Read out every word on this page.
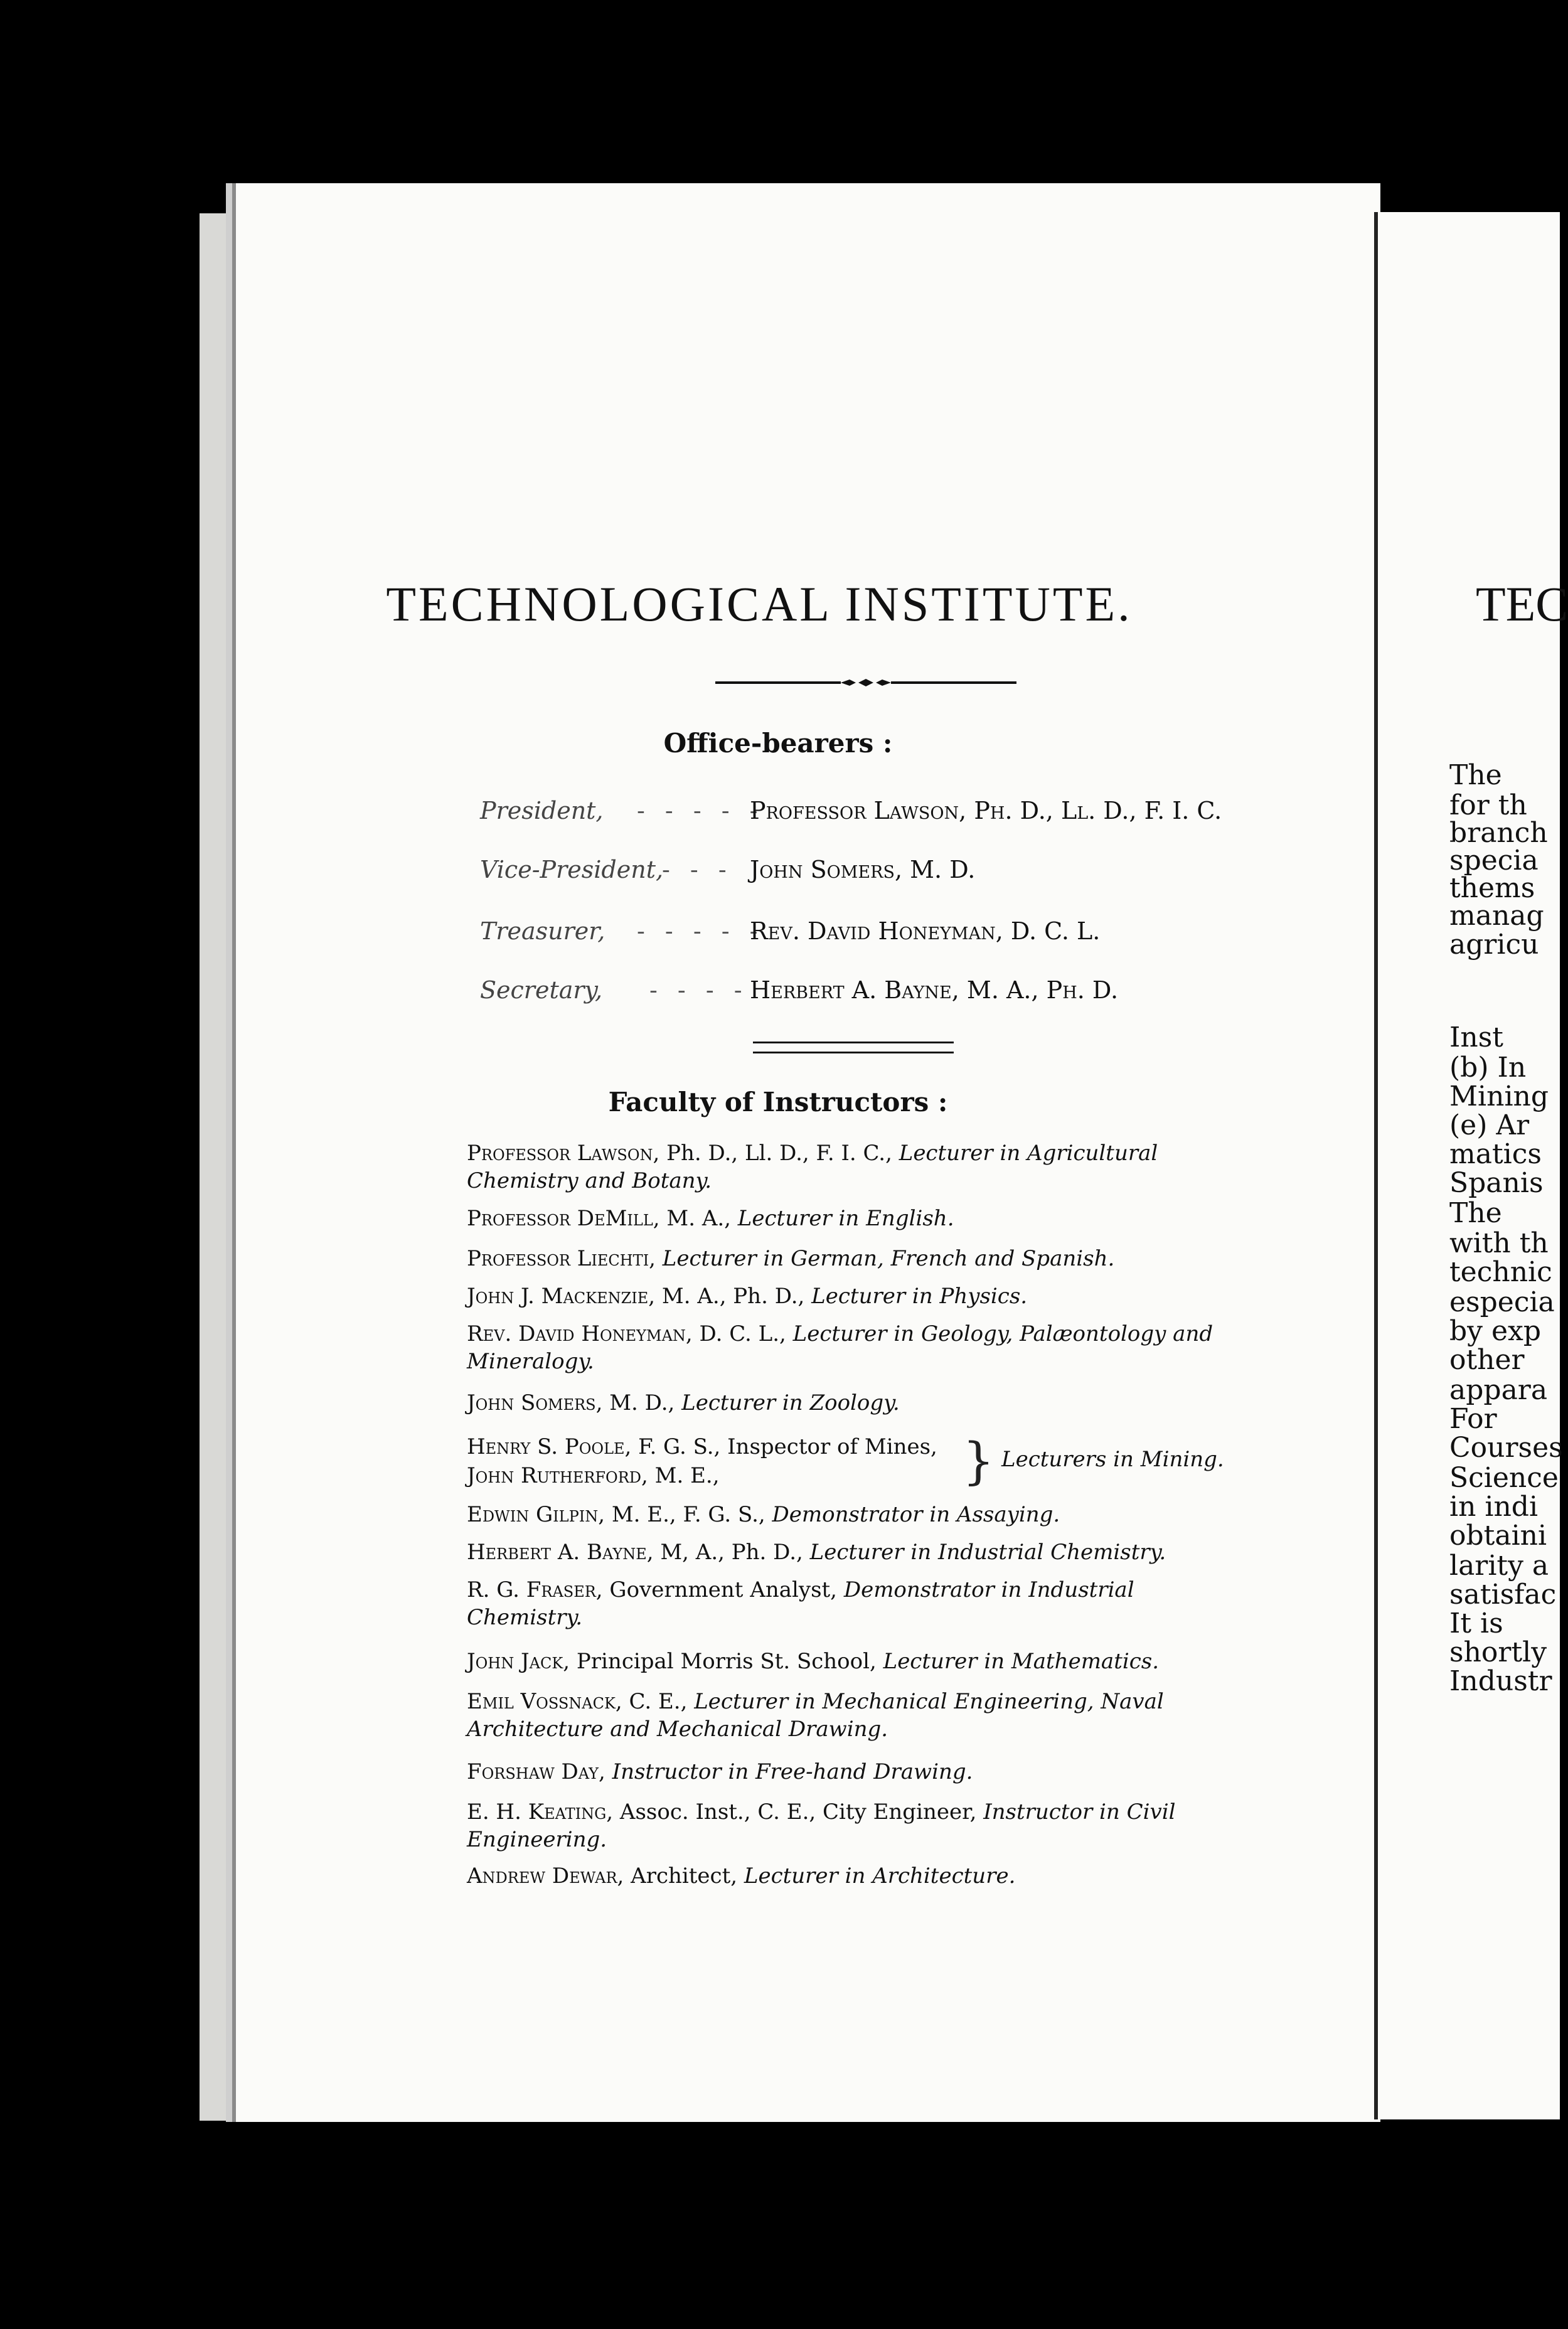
TECHNOLOGICAL INSTITUTE.
Office-bearers :
President, - - - - -
Professor Lawson, Ph. D., Ll. D., F. I. C.
Vice-President,
- - - John Somers, M. D.
Treasurer, - - - - -
Rev. David Honeyman, D. C. L.
Secretary, - - - - Herbert A. Bayne, M. A., Ph. D.
Faculty of Instructors :
Professor Lawson, Ph. D., Ll. D., F. I. C., Lecturer in Agricultural Chemistry and Botany.
Professor DeMill, M. A., Lecturer in English.
Professor Liechti, Lecturer in German, French and Spanish.
John J. Mackenzie, M. A., Ph. D., Lecturer in Physics.
Rev. David Honeyman, D. C. L., Lecturer in Geology, Palæontology and Mineralogy.
John Somers, M. D., Lecturer in Zoology.
Henry S. Poole, F. G. S., Inspector of Mines,
John Rutherford, M. E.,	} Lecturers in Mining.
Edwin Gilpin, M. E., F. G. S., Demonstrator in Assaying.
Herbert A. Bayne, M, A., Ph. D., Lecturer in Industrial Chemistry.
R. G. Fraser, Government Analyst, Demonstrator in Industrial Chemistry.
John Jack, Principal Morris St. School, Lecturer in Mathematics.
Emil Vossnack, C. E., Lecturer in Mechanical Engineering, Naval Architecture and Mechanical Drawing.
Forshaw Day, Instructor in Free-hand Drawing.
E. H. Keating, Assoc. Inst., C. E., City Engineer, Instructor in Civil Engineering.
Andrew Dewar, Architect, Lecturer in Architecture.
TEC
The
for th
branch
specia
thems
manag
agricu
Inst
(b) In
Mining
(e) Ar
matics
Spanis
The
with th
technic
especia
by exp
other
appara
For
Courses
Science
in indi
obtaini
larity a
satisfac
It is
shortly
Industr
